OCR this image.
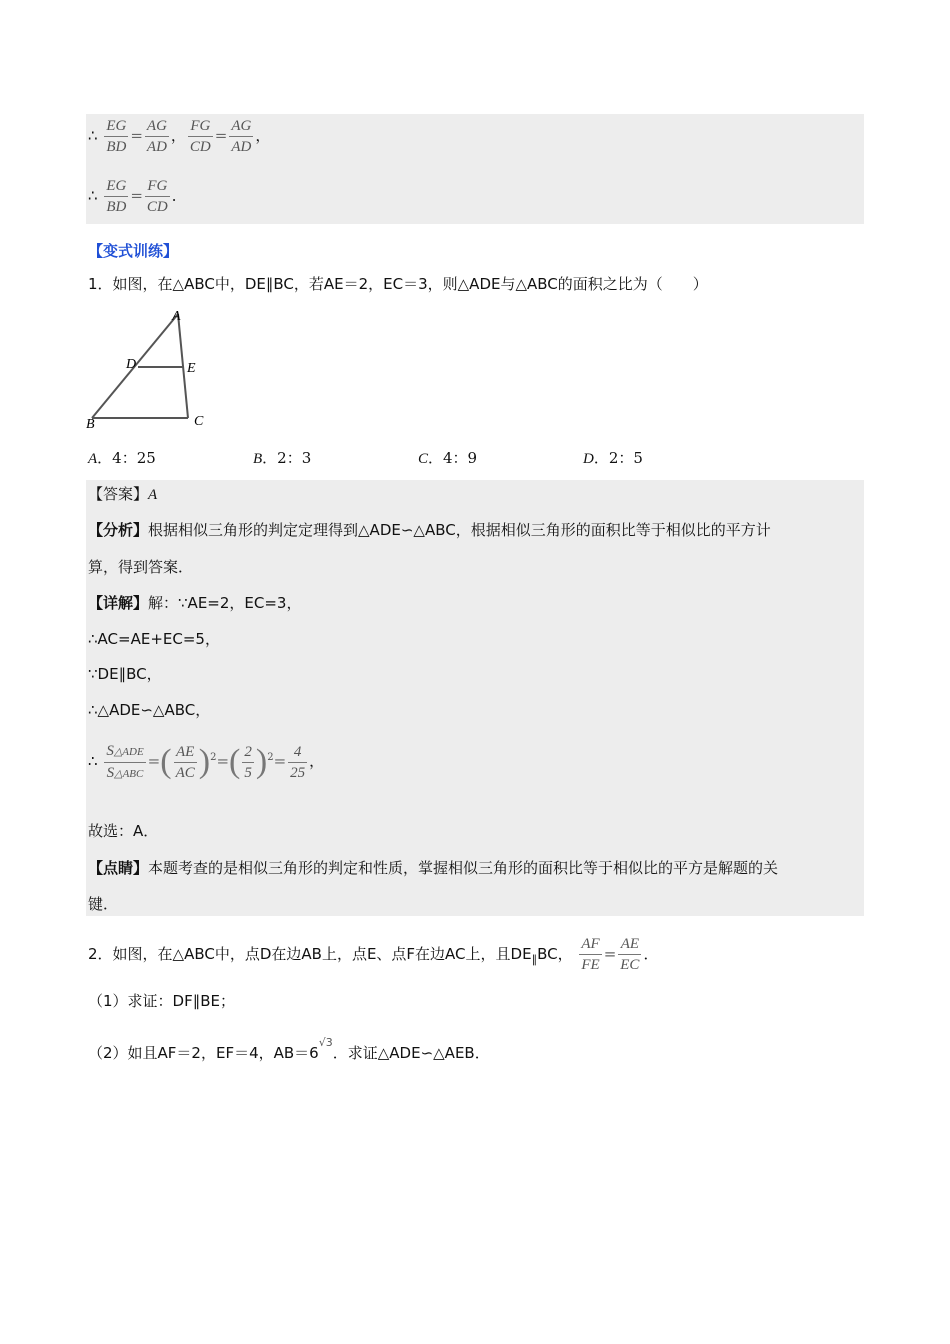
∴ $\frac{EG}{BD} = \frac{AG}{AD}$ ， $\frac{FG}{CD} = \frac{AG}{AD}$ ，
∴ $\frac{EG}{BD} = \frac{FG}{CD}$ ．
【变式训练】
1．如图，在△ABC中，DE∥BC，若AE＝2，EC＝3，则△ADE与△ABC的面积之比为（　　）
A
D	E
B	C
A．4：25	B．2：3	C．4：9	D．2：5
【答案】A
【分析】根据相似三角形的判定定理得到△ADE∽△ABC，根据相似三角形的面积比等于相似比的平方计
算，得到答案．
【详解】解：∵AE=2，EC=3，
∴AC=AE+EC=5，
∵DE∥BC，
∴△ADE∽△ABC，
∴ $\frac{\text{S△ADE}}{\text{S△ABC}}$ =( $\frac{AE}{AC} )^2=( \frac{2}{5} )^2= \frac{4}{25}$ ，
故选：A．
【点睛】本题考查的是相似三角形的判定和性质，掌握相似三角形的面积比等于相似比的平方是解题的关
键．
2．如图，在△ABC中，点D在边AB上，点E、点F在边AC上，且$DE_\parallel BC$， $\frac{AF}{FE} = \frac{AE}{EC}$ ．
（1）求证：DF∥BE；
（2）如且AF＝2，EF＝4，$AB=6^{√3}$．求证△ADE∽△AEB．
